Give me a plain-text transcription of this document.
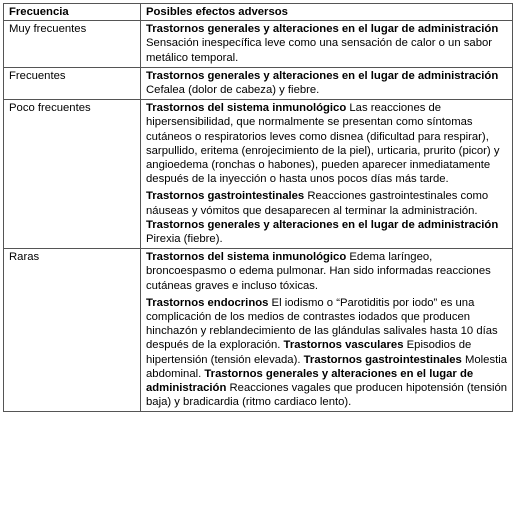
Frecuencia	Posibles efectos adversos
Muy frecuentes	Trastornos generales y alteraciones en el lugar de administración Sensación inespecífica leve como una sensación de calor o un sabor metálico temporal.

Frecuentes	Trastornos generales y alteraciones en el lugar de administración Cefalea (dolor de cabeza) y fiebre.

Poco frecuentes	Trastornos del sistema inmunológico Las reacciones de hipersensibilidad, que normalmente se presentan como síntomas cutáneos o respiratorios leves como disnea (dificultad para respirar), sarpullido, eritema (enrojecimiento de la piel), urticaria, prurito (picor) y angioedema (ronchas o habones), pueden aparecer inmediatamente después de la inyección o hasta unos pocos días más tarde.
Trastornos gastrointestinales Reacciones gastrointestinales como náuseas y vómitos que desaparecen al terminar la administración. Trastornos generales y alteraciones en el lugar de administración Pirexia (fiebre).

Raras	Trastornos del sistema inmunológico Edema laríngeo, broncoespasmo o edema pulmonar. Han sido informadas reacciones cutáneas graves e incluso tóxicas.
Trastornos endocrinos El iodismo o “Parotiditis por iodo” es una complicación de los medios de contrastes iodados que producen hinchazón y reblandecimiento de las glándulas salivales hasta 10 días después de la exploración. Trastornos vasculares Episodios de hipertensión (tensión elevada). Trastornos gastrointestinales Molestia abdominal. Trastornos generales y alteraciones en el lugar de administración Reacciones vagales que producen hipotensión (tensión baja) y bradicardia (ritmo cardiaco lento).
